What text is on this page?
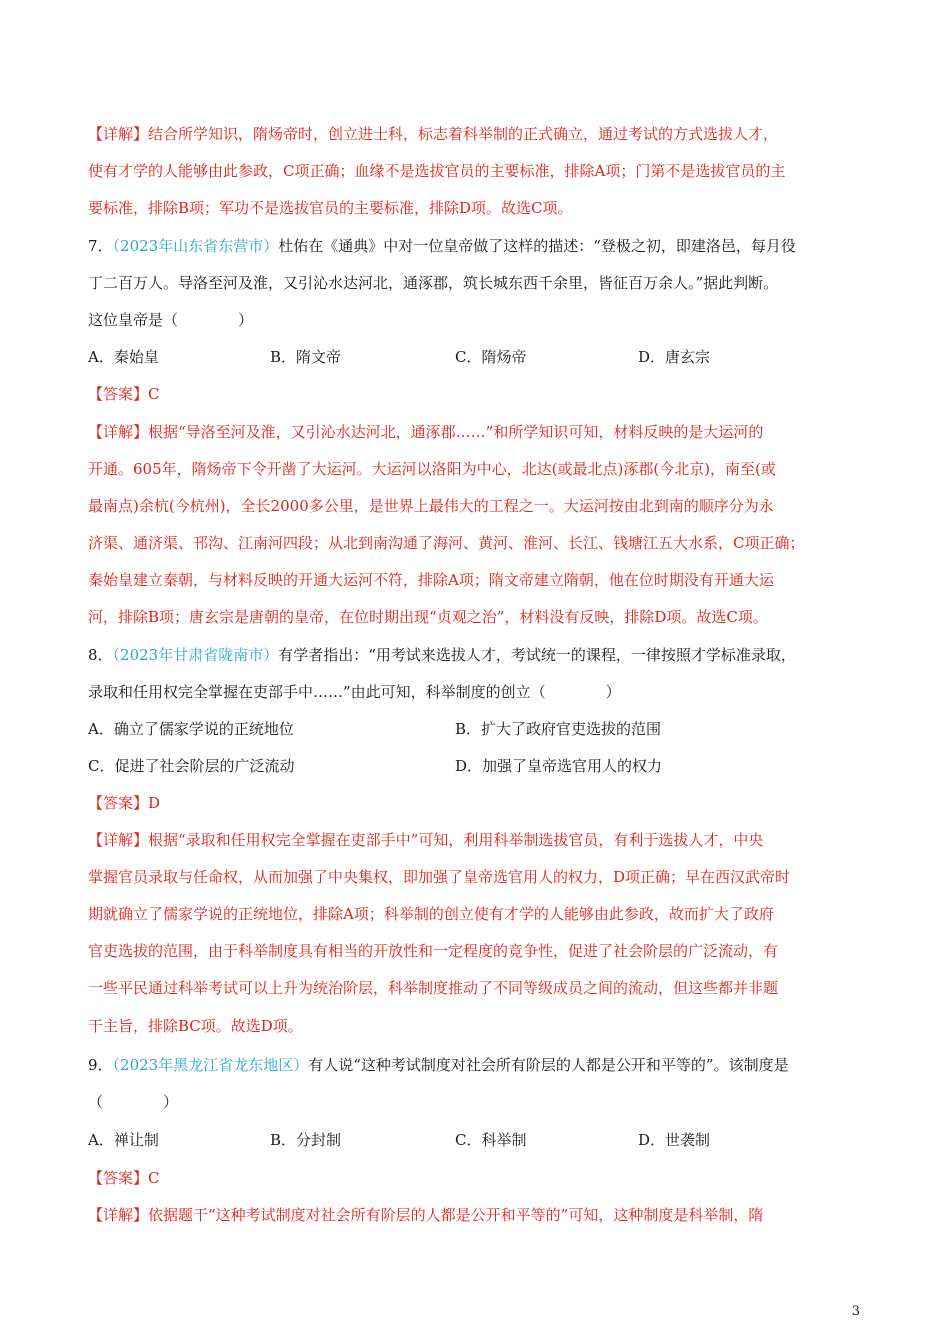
【详解】结合所学知识，隋炀帝时，创立进士科，标志着科举制的正式确立，通过考试的方式选拔人才，
使有才学的人能够由此参政，C项正确；血缘不是选拔官员的主要标准，排除A项；门第不是选拔官员的主
要标准，排除B项；军功不是选拔官员的主要标准，排除D项。故选C项。
7．（2023年山东省东营市）杜佑在《通典》中对一位皇帝做了这样的描述：“登极之初，即建洛邑，每月役
丁二百万人。导洛至河及淮，又引沁水达河北，通涿郡，筑长城东西千余里，皆征百万余人。”据此判断。
这位皇帝是（　　　　）
A．秦始皇	B．隋文帝	C．隋炀帝	D．唐玄宗
【答案】C
【详解】根据“导洛至河及淮，又引沁水达河北，通涿郡……”和所学知识可知，材料反映的是大运河的
开通。605年，隋炀帝下令开凿了大运河。大运河以洛阳为中心，北达(或最北点)涿郡(今北京)，南至(或
最南点)余杭(今杭州)，全长2000多公里，是世界上最伟大的工程之一。大运河按由北到南的顺序分为永
济渠、通济渠、邗沟、江南河四段；从北到南沟通了海河、黄河、淮河、长江、钱塘江五大水系，C项正确；
秦始皇建立秦朝，与材料反映的开通大运河不符，排除A项；隋文帝建立隋朝，他在位时期没有开通大运
河，排除B项；唐玄宗是唐朝的皇帝，在位时期出现“贞观之治”，材料没有反映，排除D项。故选C项。
8．（2023年甘肃省陇南市）有学者指出：“用考试来选拔人才，考试统一的课程，一律按照才学标准录取，
录取和任用权完全掌握在吏部手中……”由此可知，科举制度的创立（　　　　）
A．确立了儒家学说的正统地位	B．扩大了政府官吏选拔的范围
C．促进了社会阶层的广泛流动	D．加强了皇帝选官用人的权力
【答案】D
【详解】根据“录取和任用权完全掌握在吏部手中”可知，利用科举制选拔官员，有利于选拔人才，中央
掌握官员录取与任命权，从而加强了中央集权，即加强了皇帝选官用人的权力，D项正确；早在西汉武帝时
期就确立了儒家学说的正统地位，排除A项；科举制的创立使有才学的人能够由此参政，故而扩大了政府
官吏选拔的范围，由于科举制度具有相当的开放性和一定程度的竞争性，促进了社会阶层的广泛流动，有
一些平民通过科举考试可以上升为统治阶层，科举制度推动了不同等级成员之间的流动，但这些都并非题
干主旨，排除BC项。故选D项。
9．（2023年黑龙江省龙东地区）有人说“这种考试制度对社会所有阶层的人都是公开和平等的”。该制度是
（　　　　）
A．禅让制	B．分封制	C．科举制	D．世袭制
【答案】C
【详解】依据题干“这种考试制度对社会所有阶层的人都是公开和平等的”可知，这种制度是科举制，隋
3
